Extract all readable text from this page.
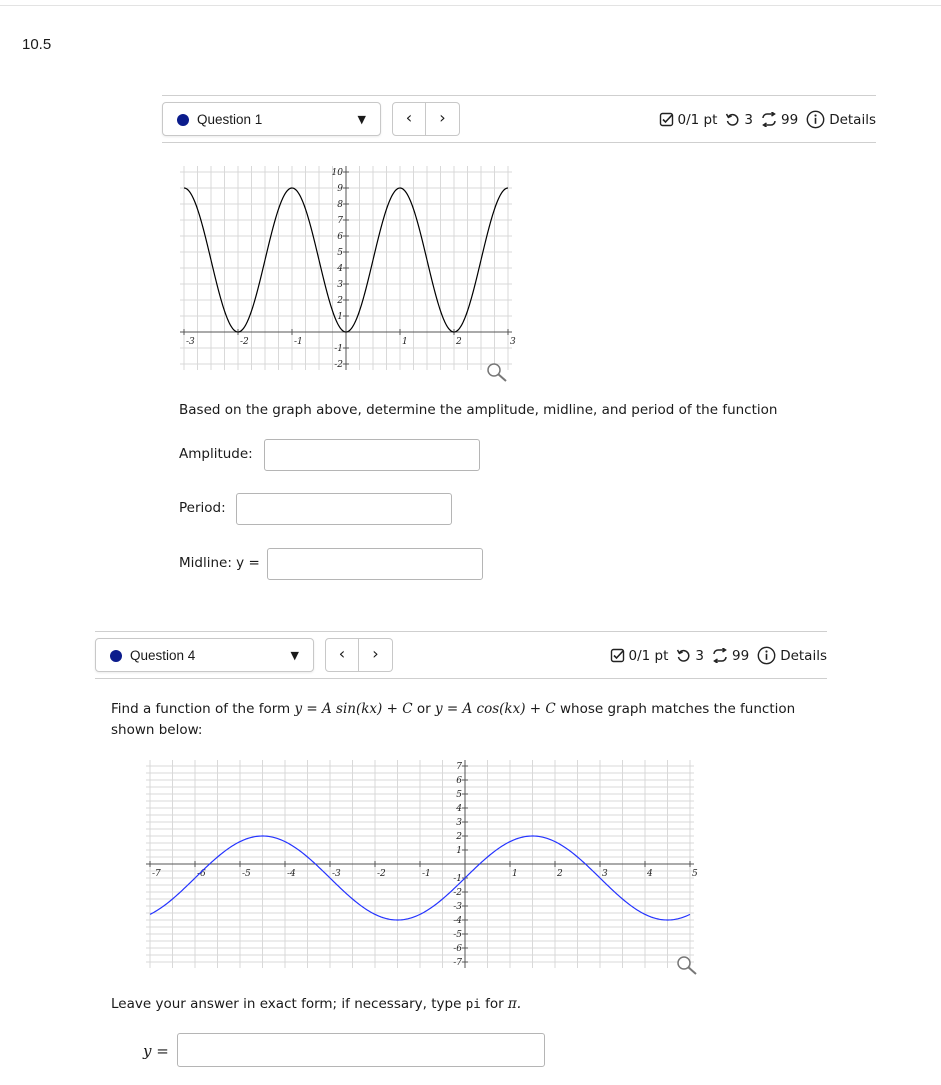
10.5
Question 1	▼	‹	›	0/1 pt 3 99 Details
-3	-2	-1	1	2	3
10
9
8
7
6
5
4
3
2
1
-1
-2
Based on the graph above, determine the amplitude, midline, and period of the function
Amplitude:
Period:
Midline: y =
Question 4	▼	‹	›	0/1 pt 3 99 Details
Find a function of the form y = A sin(kx) + C or y = A cos(kx) + C whose graph matches the function shown below:
-7	-6	-5	-4	-3	-2	-1	1	2	3	4	5
7
6
5
4
3
2
1
-1
-2
-3
-4
-5
-6
-7
Leave your answer in exact form; if necessary, type pi for π.
y =
